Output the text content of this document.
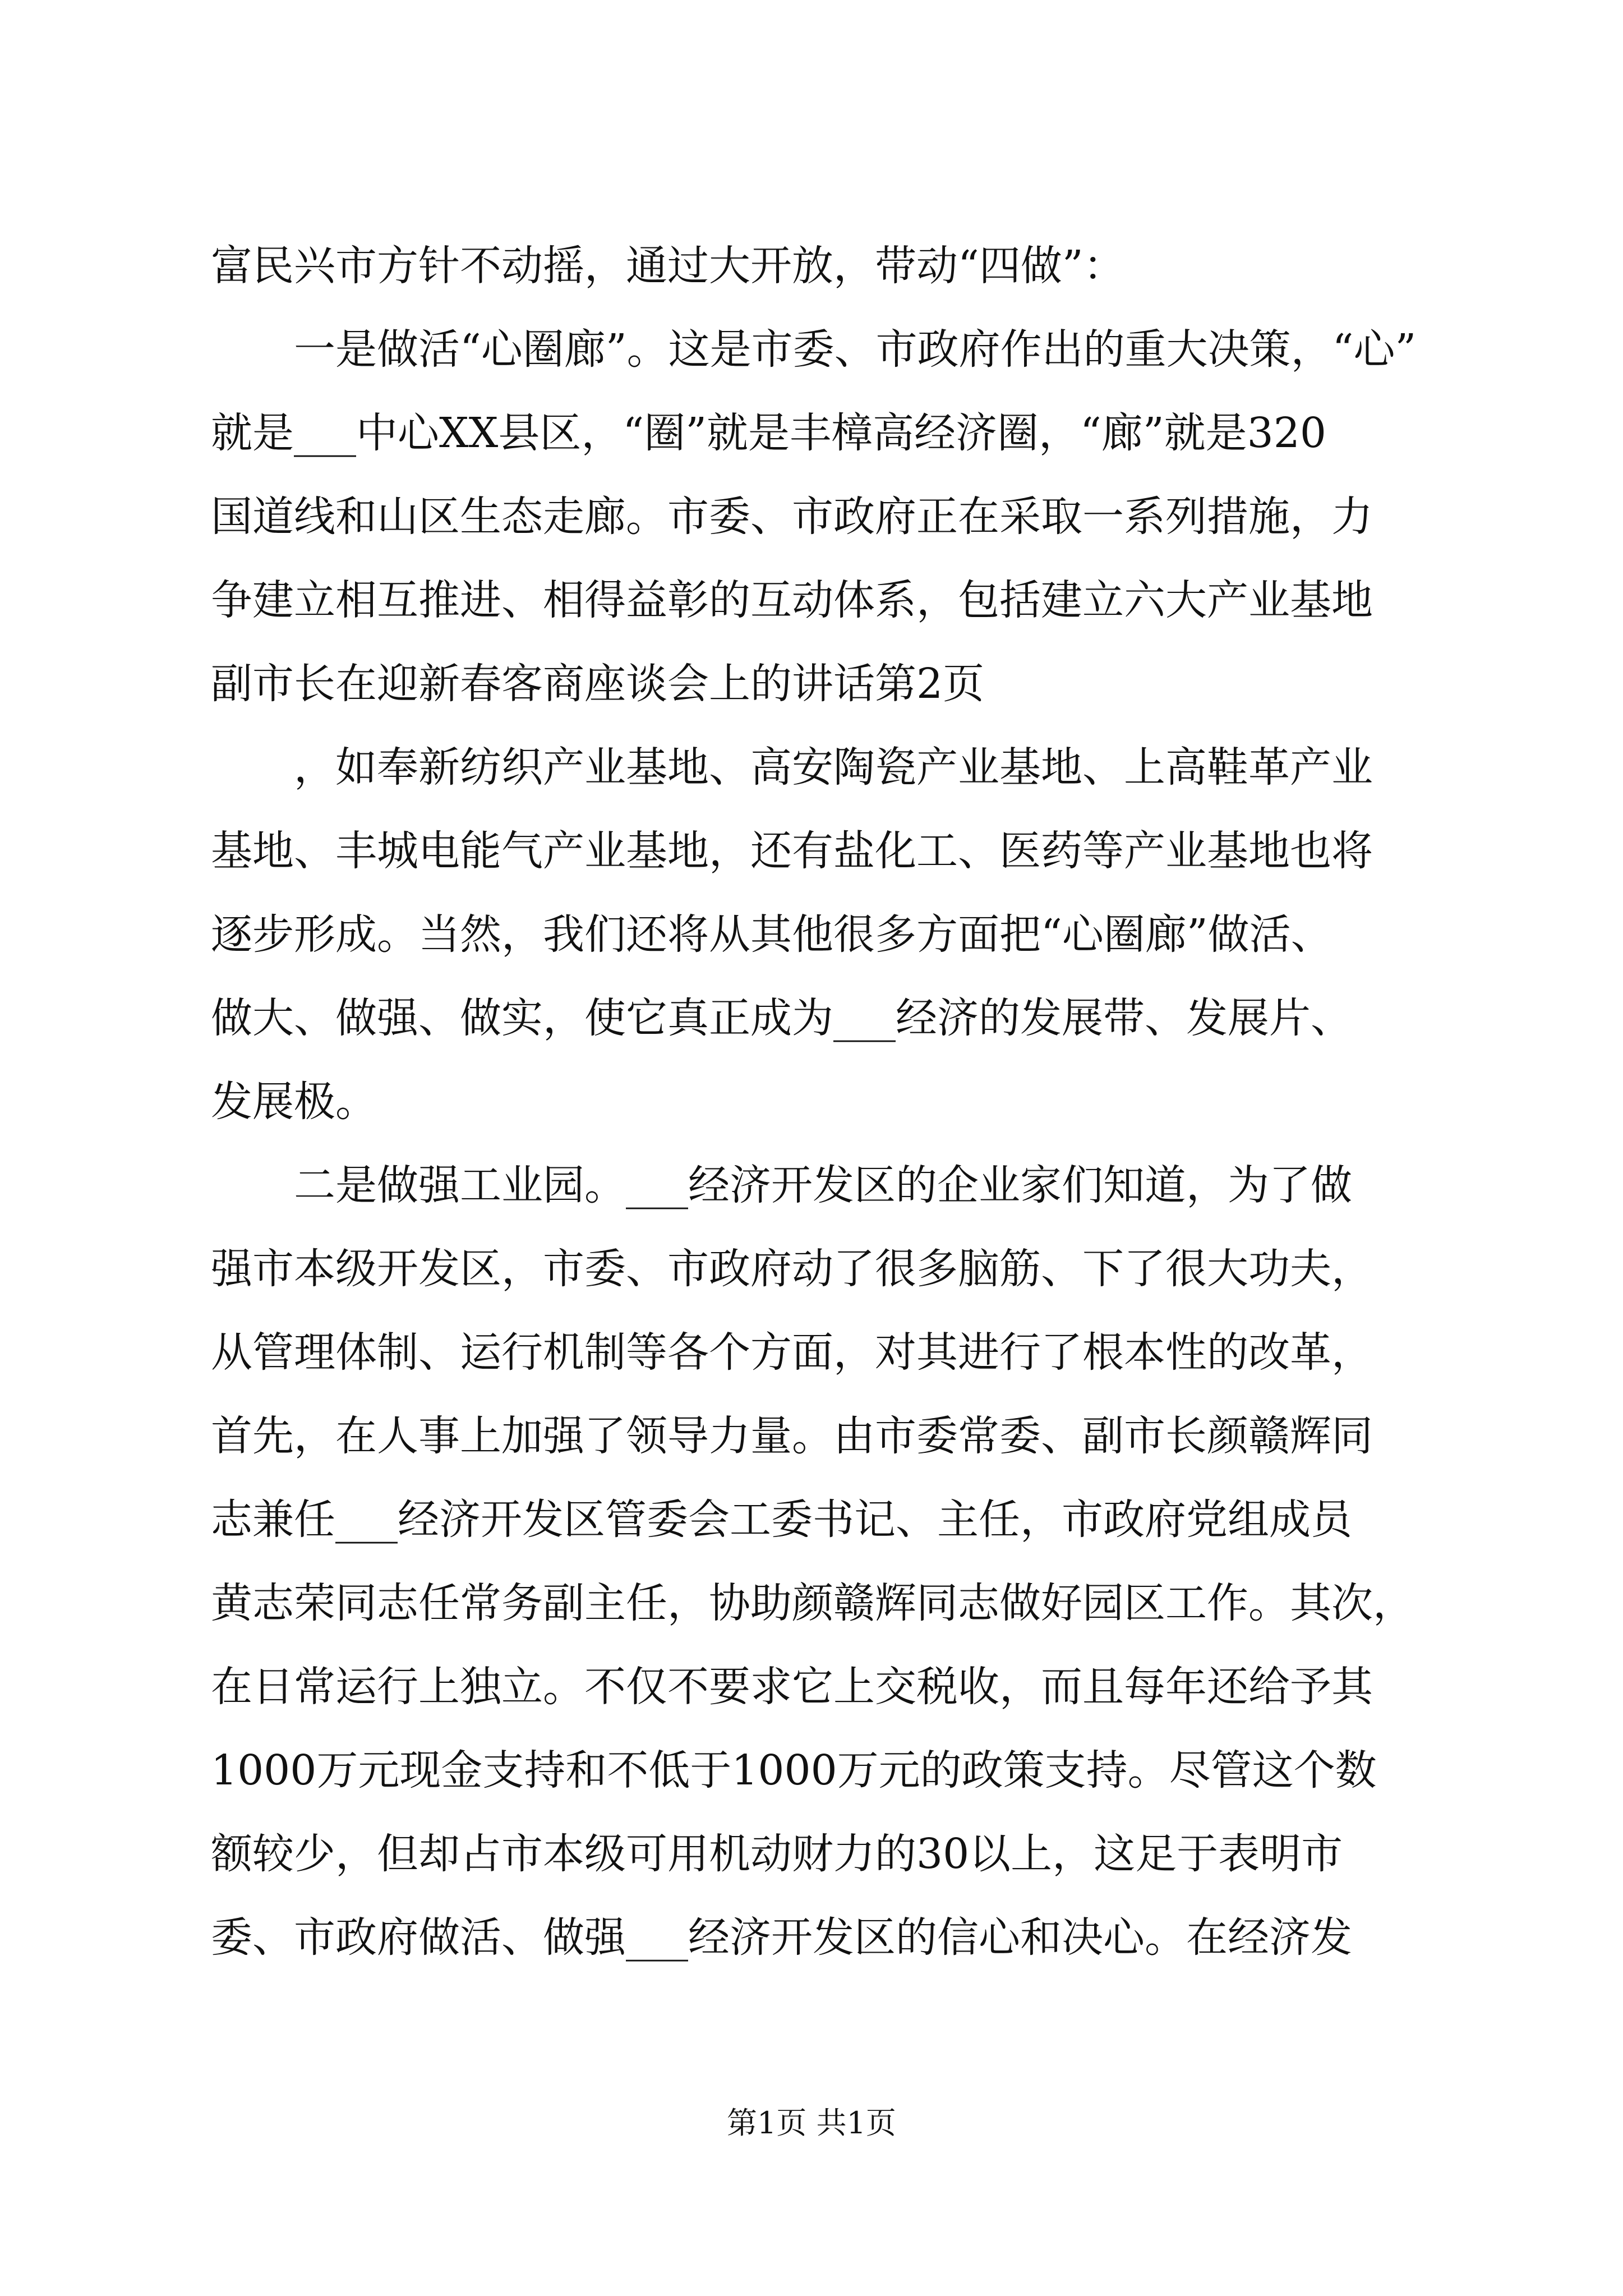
富民兴市方针不动摇，通过大开放，带动“四做”：
　　一是做活“心圈廊”。这是市委、市政府作出的重大决策，“心”
就是___中心XX县区，“圈”就是丰樟高经济圈，“廊”就是320
国道线和山区生态走廊。市委、市政府正在采取一系列措施，力
争建立相互推进、相得益彰的互动体系，包括建立六大产业基地
副市长在迎新春客商座谈会上的讲话第2页
　　，如奉新纺织产业基地、高安陶瓷产业基地、上高鞋革产业
基地、丰城电能气产业基地，还有盐化工、医药等产业基地也将
逐步形成。当然，我们还将从其他很多方面把“心圈廊”做活、
做大、做强、做实，使它真正成为___经济的发展带、发展片、
发展极。
　　二是做强工业园。___经济开发区的企业家们知道，为了做
强市本级开发区，市委、市政府动了很多脑筋、下了很大功夫，
从管理体制、运行机制等各个方面，对其进行了根本性的改革，
首先，在人事上加强了领导力量。由市委常委、副市长颜赣辉同
志兼任___经济开发区管委会工委书记、主任，市政府党组成员
黄志荣同志任常务副主任，协助颜赣辉同志做好园区工作。其次，
在日常运行上独立。不仅不要求它上交税收，而且每年还给予其
1000万元现金支持和不低于1000万元的政策支持。尽管这个数
额较少，但却占市本级可用机动财力的30以上，这足于表明市
委、市政府做活、做强___经济开发区的信心和决心。在经济发
第1页 共1页
